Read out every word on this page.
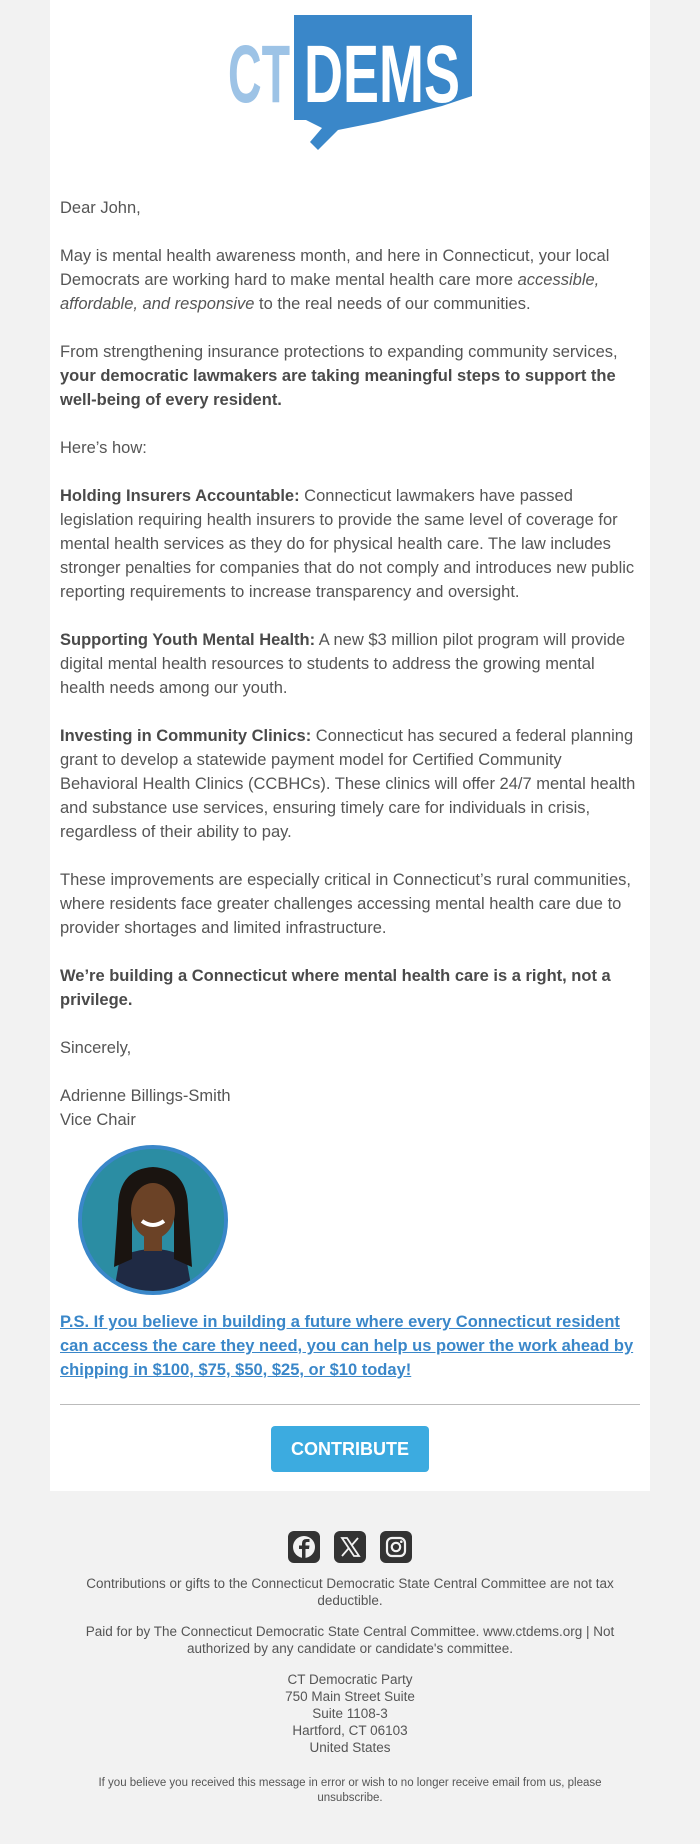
CT DEMS

Dear John,

May is mental health awareness month, and here in Connecticut, your local Democrats are working hard to make mental health care more accessible, affordable, and responsive to the real needs of our communities.

From strengthening insurance protections to expanding community services, your democratic lawmakers are taking meaningful steps to support the well-being of every resident.

Here’s how:

Holding Insurers Accountable: Connecticut lawmakers have passed legislation requiring health insurers to provide the same level of coverage for mental health services as they do for physical health care. The law includes stronger penalties for companies that do not comply and introduces new public reporting requirements to increase transparency and oversight.

Supporting Youth Mental Health: A new $3 million pilot program will provide digital mental health resources to students to address the growing mental health needs among our youth.

Investing in Community Clinics: Connecticut has secured a federal planning grant to develop a statewide payment model for Certified Community Behavioral Health Clinics (CCBHCs). These clinics will offer 24/7 mental health and substance use services, ensuring timely care for individuals in crisis, regardless of their ability to pay.

These improvements are especially critical in Connecticut’s rural communities, where residents face greater challenges accessing mental health care due to provider shortages and limited infrastructure.

We’re building a Connecticut where mental health care is a right, not a privilege.

Sincerely,

Adrienne Billings-Smith

Vice Chair

P.S. If you believe in building a future where every Connecticut resident can access the care they need, you can help us power the work ahead by chipping in $100, $75, $50, $25, or $10 today!
CONTRIBUTE

Contributions or gifts to the Connecticut Democratic State Central Committee are not tax deductible.

Paid for by The Connecticut Democratic State Central Committee. www.ctdems.org | Not authorized by any candidate or candidate's committee.

CT Democratic Party

750 Main Street Suite

Suite 1108-3

Hartford, CT 06103

United States

If you believe you received this message in error or wish to no longer receive email from us, please unsubscribe.
